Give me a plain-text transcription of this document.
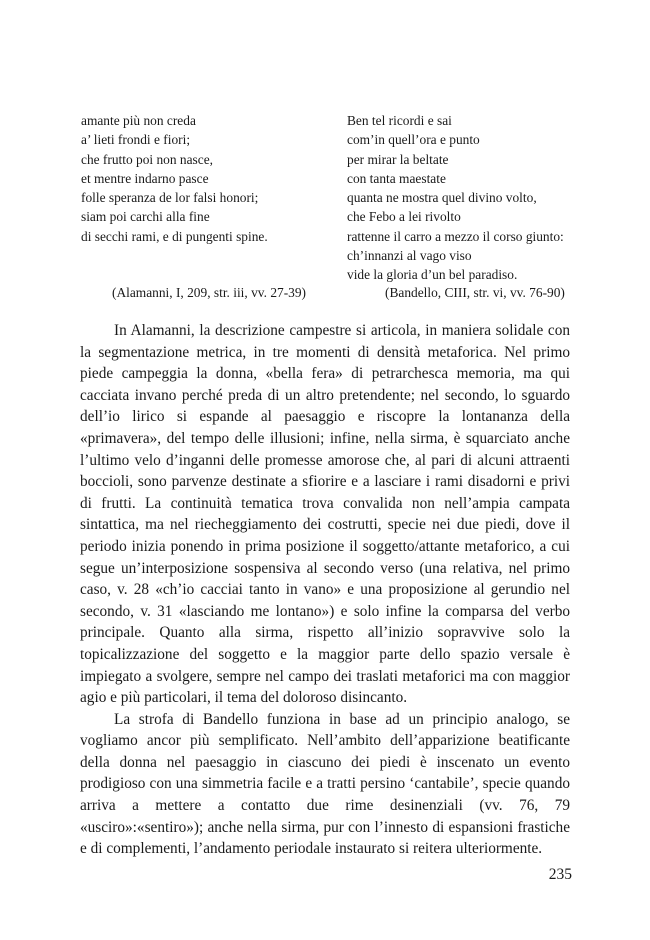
amante più non creda
a’ lieti frondi e fiori;
che frutto poi non nasce,
et mentre indarno pasce
folle speranza de lor falsi honori;
siam poi carchi alla fine
di secchi rami, e di pungenti spine.
Ben tel ricordi e sai
com’in quell’ora e punto
per mirar la beltate
con tanta maestate
quanta ne mostra quel divino volto,
che Febo a lei rivolto
rattenne il carro a mezzo il corso giunto:
ch’innanzi al vago viso
vide la gloria d’un bel paradiso.
(Alamanni, I, 209, str. iii, vv. 27-39)	(Bandello, CIII, str. vi, vv. 76-90)

In Alamanni, la descrizione campestre si articola, in maniera solidale con la segmentazione metrica, in tre momenti di densità metaforica. Nel primo piede campeggia la donna, «bella fera» di petrarchesca memoria, ma qui cacciata invano perché preda di un altro pretendente; nel secondo, lo sguardo dell’io lirico si espande al paesaggio e riscopre la lontananza della «primavera», del tempo delle illusioni; infine, nella sirma, è squarciato anche l’ultimo velo d’inganni delle promesse amorose che, al pari di alcuni attraenti boccioli, sono parvenze destinate a sfiorire e a lasciare i rami disadorni e privi di frutti. La continuità tematica trova convalida non nell’ampia campata sintattica, ma nel riecheggiamento dei costrutti, specie nei due piedi, dove il periodo inizia ponendo in prima posizione il soggetto/attante metaforico, a cui segue un’interposizione sospensiva al secondo verso (una relativa, nel primo caso, v. 28 «ch’io cacciai tanto in vano» e una proposizione al gerundio nel secondo, v. 31 «lasciando me lontano») e solo infine la comparsa del verbo principale. Quanto alla sirma, rispetto all’inizio sopravvive solo la topicalizzazione del soggetto e la maggior parte dello spazio versale è impiegato a svolgere, sempre nel campo dei traslati metaforici ma con maggior agio e più particolari, il tema del doloroso disincanto.

La strofa di Bandello funziona in base ad un principio analogo, se vogliamo ancor più semplificato. Nell’ambito dell’apparizione beatificante della donna nel paesaggio in ciascuno dei piedi è inscenato un evento prodigioso con una simmetria facile e a tratti persino ‘cantabile’, specie quando arriva a mettere a contatto due rime desinenziali (vv. 76, 79 «usciro»:«sentiro»); anche nella sirma, pur con l’innesto di espansioni frastiche e di complementi, l’andamento periodale instaurato si reitera ulteriormente.

235
